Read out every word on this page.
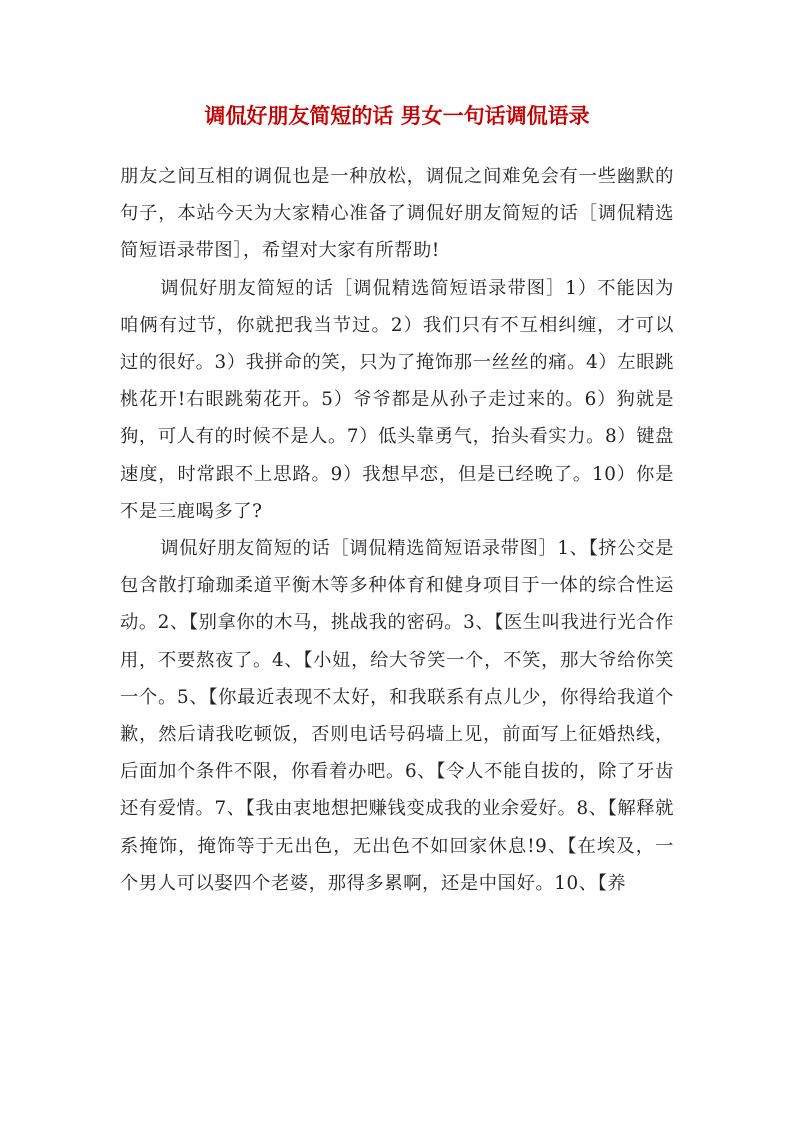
调侃好朋友简短的话 男女一句话调侃语录

朋友之间互相的调侃也是一种放松，调侃之间难免会有一些幽默的句子，本站今天为大家精心准备了调侃好朋友简短的话［调侃精选简短语录带图］，希望对大家有所帮助!

调侃好朋友简短的话［调侃精选简短语录带图］1）不能因为咱俩有过节，你就把我当节过。2）我们只有不互相纠缠，才可以过的很好。3）我拼命的笑，只为了掩饰那一丝丝的痛。4）左眼跳桃花开!右眼跳菊花开。5）爷爷都是从孙子走过来的。6）狗就是狗，可人有的时候不是人。7）低头靠勇气，抬头看实力。8）键盘速度，时常跟不上思路。9）我想早恋，但是已经晚了。10）你是不是三鹿喝多了?

调侃好朋友简短的话［调侃精选简短语录带图］1、【挤公交是包含散打瑜珈柔道平衡木等多种体育和健身项目于一体的综合性运动。2、【别拿你的木马，挑战我的密码。3、【医生叫我进行光合作用，不要熬夜了。4、【小妞，给大爷笑一个，不笑，那大爷给你笑一个。5、【你最近表现不太好，和我联系有点儿少，你得给我道个歉，然后请我吃顿饭，否则电话号码墙上见，前面写上征婚热线，后面加个条件不限，你看着办吧。6、【令人不能自拔的，除了牙齿还有爱情。7、【我由衷地想把赚钱变成我的业余爱好。8、【解释就系掩饰，掩饰等于无出色，无出色不如回家休息!9、【在埃及，一个男人可以娶四个老婆，那得多累啊，还是中国好。10、【养
